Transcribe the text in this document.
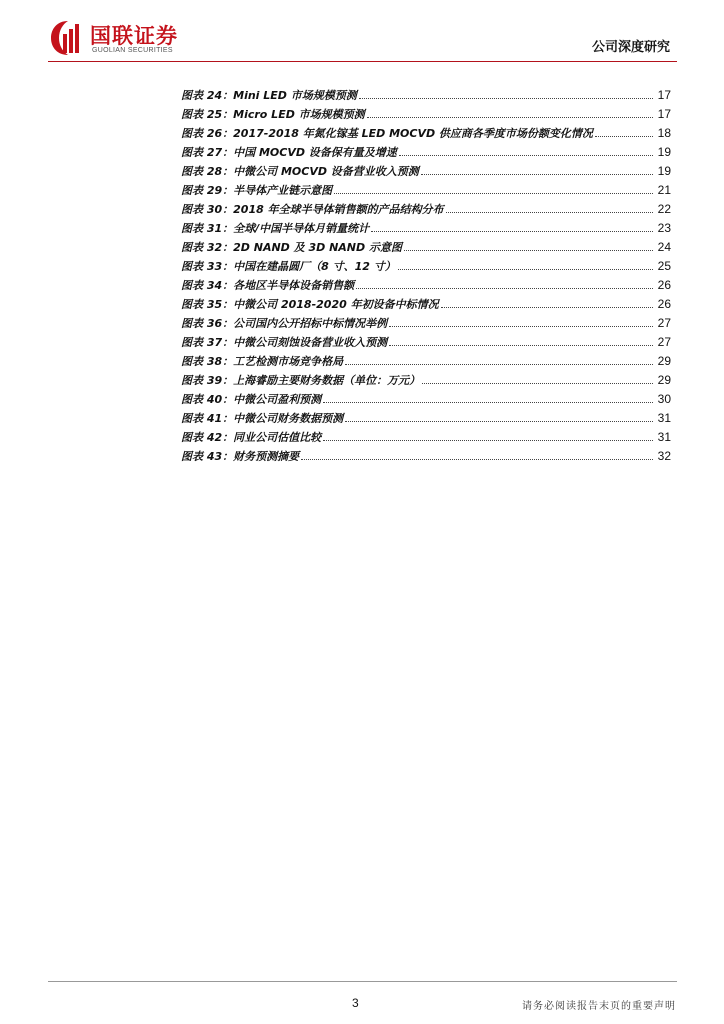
国联证券
GUOLIAN SECURITIES	公司深度研究
图表 24：Mini LED 市场规模预测	17
图表 25：Micro LED 市场规模预测	17
图表 26：2017-2018 年氮化镓基 LED MOCVD 供应商各季度市场份额变化情况	18
图表 27：中国 MOCVD 设备保有量及增速	19
图表 28：中微公司 MOCVD 设备营业收入预测	19
图表 29：半导体产业链示意图	21
图表 30：2018 年全球半导体销售额的产品结构分布	22
图表 31：全球/中国半导体月销量统计	23
图表 32：2D NAND 及 3D NAND 示意图	24
图表 33：中国在建晶圆厂（8 寸、12 寸）	25
图表 34：各地区半导体设备销售额	26
图表 35：中微公司 2018-2020 年初设备中标情况	26
图表 36：公司国内公开招标中标情况举例	27
图表 37：中微公司刻蚀设备营业收入预测	27
图表 38：工艺检测市场竞争格局	29
图表 39：上海睿励主要财务数据（单位：万元）	29
图表 40：中微公司盈利预测	30
图表 41：中微公司财务数据预测	31
图表 42：同业公司估值比较	31
图表 43：财务预测摘要	32
3	请务必阅读报告末页的重要声明
